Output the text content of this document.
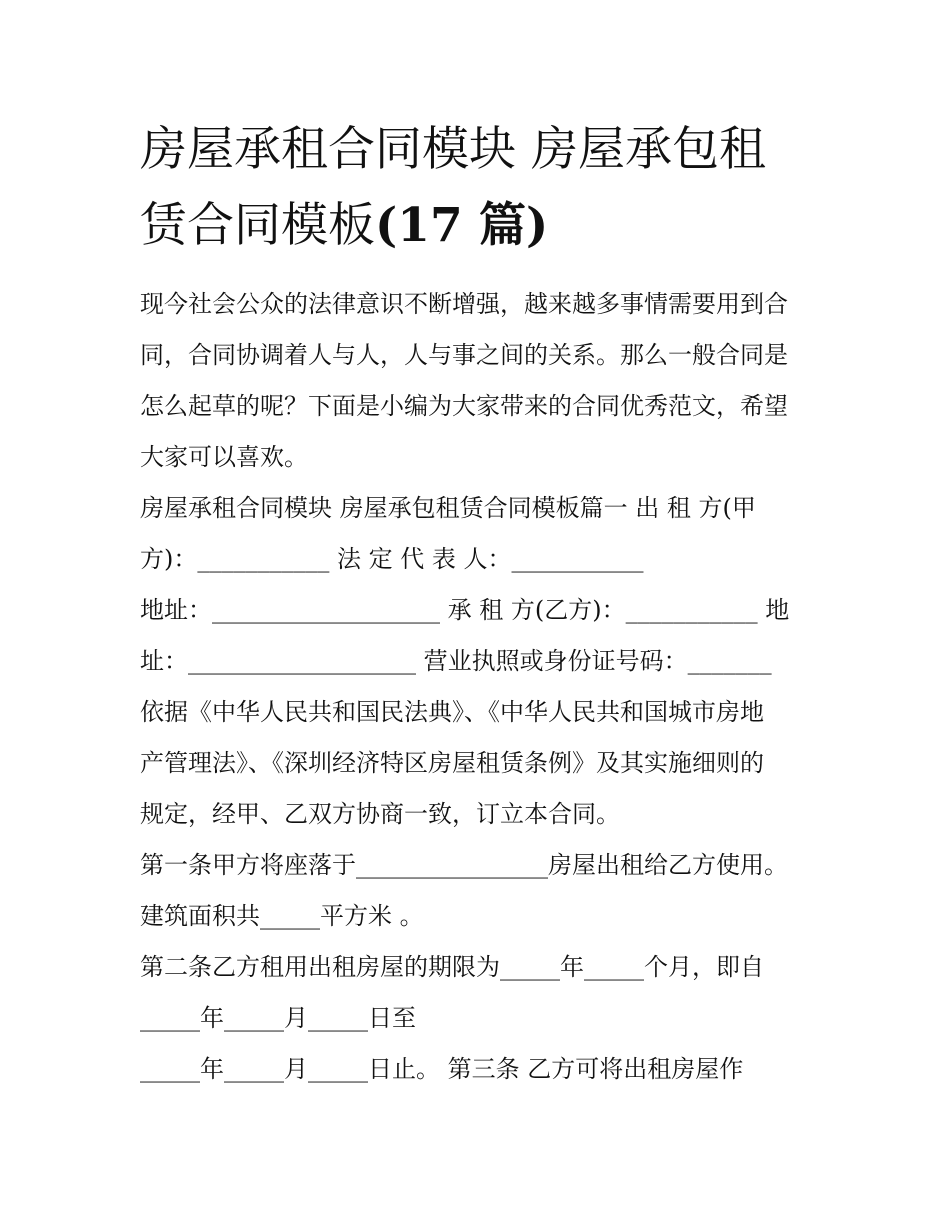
房屋承租合同模块 房屋承包租
赁合同模板(17 篇)
现今社会公众的法律意识不断增强，越来越多事情需要用到合
同，合同协调着人与人，人与事之间的关系。那么一般合同是
怎么起草的呢？下面是小编为大家带来的合同优秀范文，希望
大家可以喜欢。
房屋承租合同模块 房屋承包租赁合同模板篇一 出 租 方(甲
方)：___________ 法 定 代 表 人：___________
地址：___________________ 承 租 方(乙方)：___________ 地
址：___________________ 营业执照或身份证号码：_______
依据《中华人民共和国民法典》、《中华人民共和国城市房地
产管理法》、《深圳经济特区房屋租赁条例》及其实施细则的
规定，经甲、乙双方协商一致，订立本合同。
第一条甲方将座落于________________房屋出租给乙方使用。
建筑面积共_____平方米 。
第二条乙方租用出租房屋的期限为_____年_____个月，即自
_____年_____月_____日至
_____年_____月_____日止。 第三条 乙方可将出租房屋作
